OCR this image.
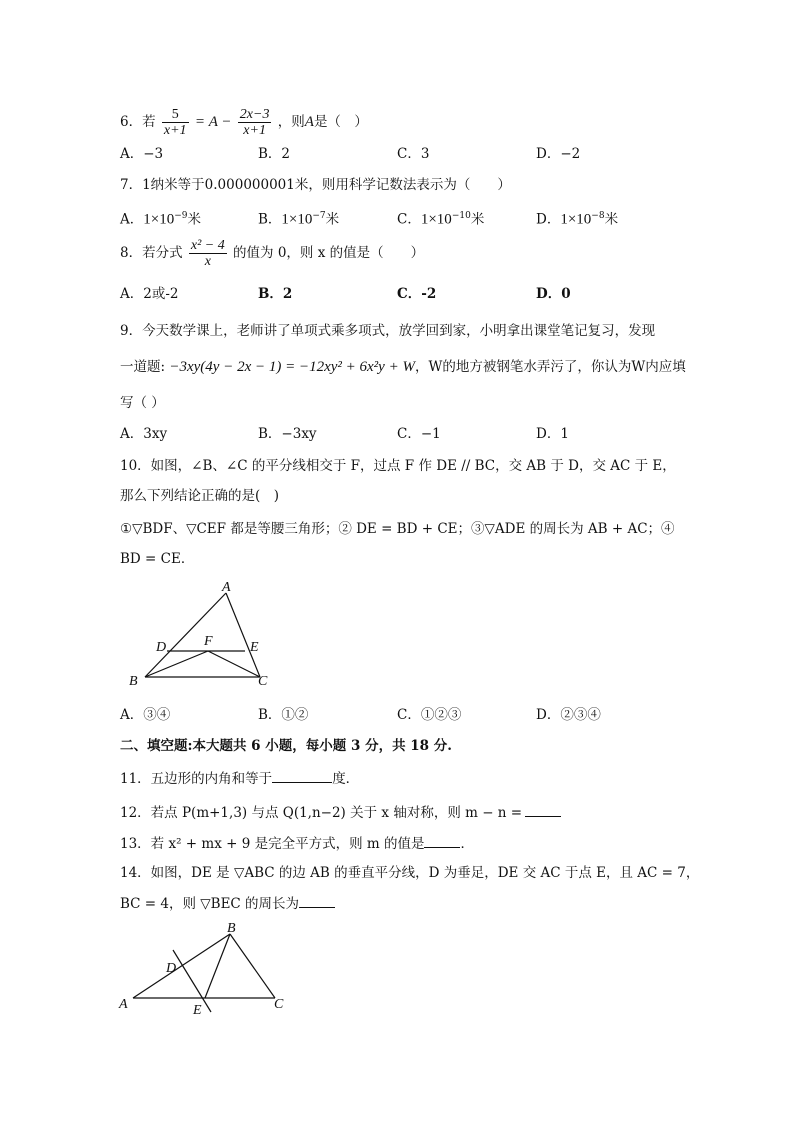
6．若 $\frac{5}{x+1} = A - \frac{2x-3}{x+1}$ ，则A是（　）
A．−3	B．2	C．3	D．−2
7．1纳米等于0.000000001米，则用科学记数法表示为（　　）
A．$1\times 10^{-9}$米	B．$1\times 10^{-7}$米	C．$1\times 10^{-10}$米	D．$1\times 10^{-8}$米
8．若分式 $\frac{\text{x² − 4}}{x}$ 的值为 0，则 x 的值是（　　）
A．2或-2	B．2	C．-2	D．0
9．今天数学课上，老师讲了单项式乘多项式，放学回到家，小明拿出课堂笔记复习，发现
一道题: −3xy(4y − 2x − 1) = −12xy² + 6x²y + W，W的地方被钢笔水弄污了，你认为W内应填
写（ ）
A．3xy	B．−3xy	C．−1	D．1
10．如图，∠B、∠C 的平分线相交于 F，过点 F 作 DE // BC，交 AB 于 D，交 AC 于 E，
那么下列结论正确的是(　)
①▽BDF、▽CEF 都是等腰三角形；② DE = BD + CE；③▽ADE 的周长为 AB + AC；④
BD = CE．
A
D	F	E
B	C
A．③④	B．①②	C．①②③	D．②③④
二、填空题:本大题共 6 小题，每小题 3 分，共 18 分.
11．五边形的内角和等于	度．
12．若点 P(m+1,3) 与点 Q(1,n−2) 关于 x 轴对称，则 m − n =
13．若 x² + mx + 9 是完全平方式，则 m 的值是	．
14．如图，DE 是 ▽ABC 的边 AB 的垂直平分线，D 为垂足，DE 交 AC 于点 E，且 AC = 7，
BC = 4，则 ▽BEC 的周长为
B
D
A	E	C
